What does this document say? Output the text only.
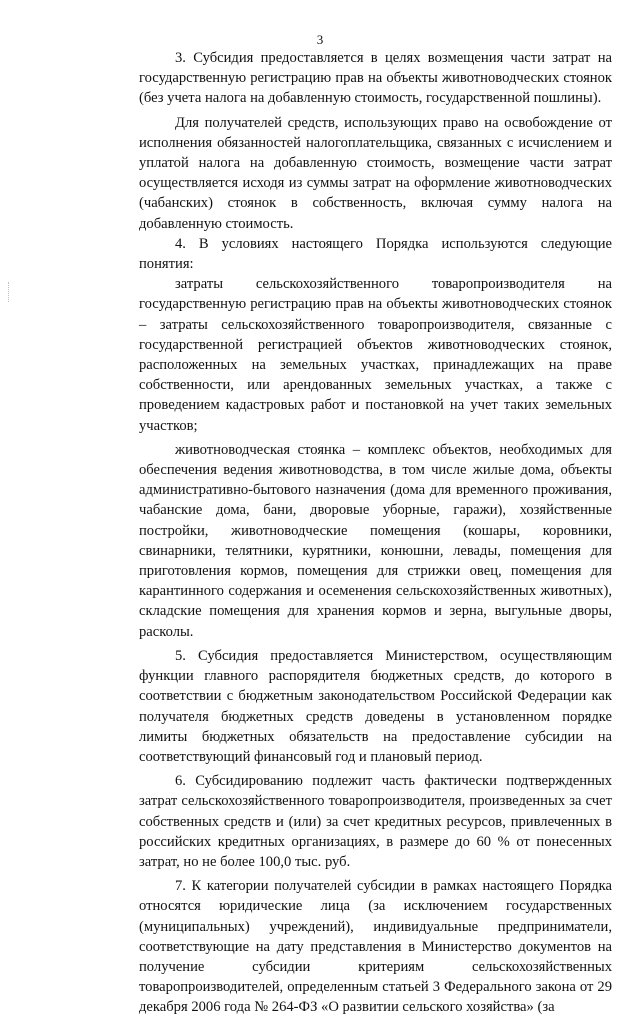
3

3. Субсидия предоставляется в целях возмещения части затрат на государственную регистрацию прав на объекты животноводческих стоянок (без учета налога на добавленную стоимость, государственной пошлины).

Для получателей средств, использующих право на освобождение от исполнения обязанностей налогоплательщика, связанных с исчислением и уплатой налога на добавленную стоимость, возмещение части затрат осуществляется исходя из суммы затрат на оформление животноводческих (чабанских) стоянок в собственность, включая сумму налога на добавленную стоимость.

4. В условиях настоящего Порядка используются следующие понятия:

затраты сельскохозяйственного товаропроизводителя на государственную регистрацию прав на объекты животноводческих стоянок – затраты сельскохозяйственного товаропроизводителя, связанные с государственной регистрацией объектов животноводческих стоянок, расположенных на земельных участках, принадлежащих на праве собственности, или арендованных земельных участках, а также с проведением кадастровых работ и постановкой на учет таких земельных участков;

животноводческая стоянка – комплекс объектов, необходимых для обеспечения ведения животноводства, в том числе жилые дома, объекты административно-бытового назначения (дома для временного проживания, чабанские дома, бани, дворовые уборные, гаражи), хозяйственные постройки, животноводческие помещения (кошары, коровники, свинарники, телятники, курятники, конюшни, левады, помещения для приготовления кормов, помещения для стрижки овец, помещения для карантинного содержания и осеменения сельскохозяйственных животных), складские помещения для хранения кормов и зерна, выгульные дворы, расколы.

5. Субсидия предоставляется Министерством, осуществляющим функции главного распорядителя бюджетных средств, до которого в соответствии с бюджетным законодательством Российской Федерации как получателя бюджетных средств доведены в установленном порядке лимиты бюджетных обязательств на предоставление субсидии на соответствующий финансовый год и плановый период.

6. Субсидированию подлежит часть фактически подтвержденных затрат сельскохозяйственного товаропроизводителя, произведенных за счет собственных средств и (или) за счет кредитных ресурсов, привлеченных в российских кредитных организациях, в размере до 60 % от понесенных затрат, но не более 100,0 тыс. руб.

7. К категории получателей субсидии в рамках настоящего Порядка относятся юридические лица (за исключением государственных (муниципальных) учреждений), индивидуальные предприниматели, соответствующие на дату представления в Министерство документов на получение субсидии критериям сельскохозяйственных товаропроизводителей, определенным статьей 3 Федерального закона от 29 декабря 2006 года № 264-ФЗ «О развитии сельского хозяйства» (за
